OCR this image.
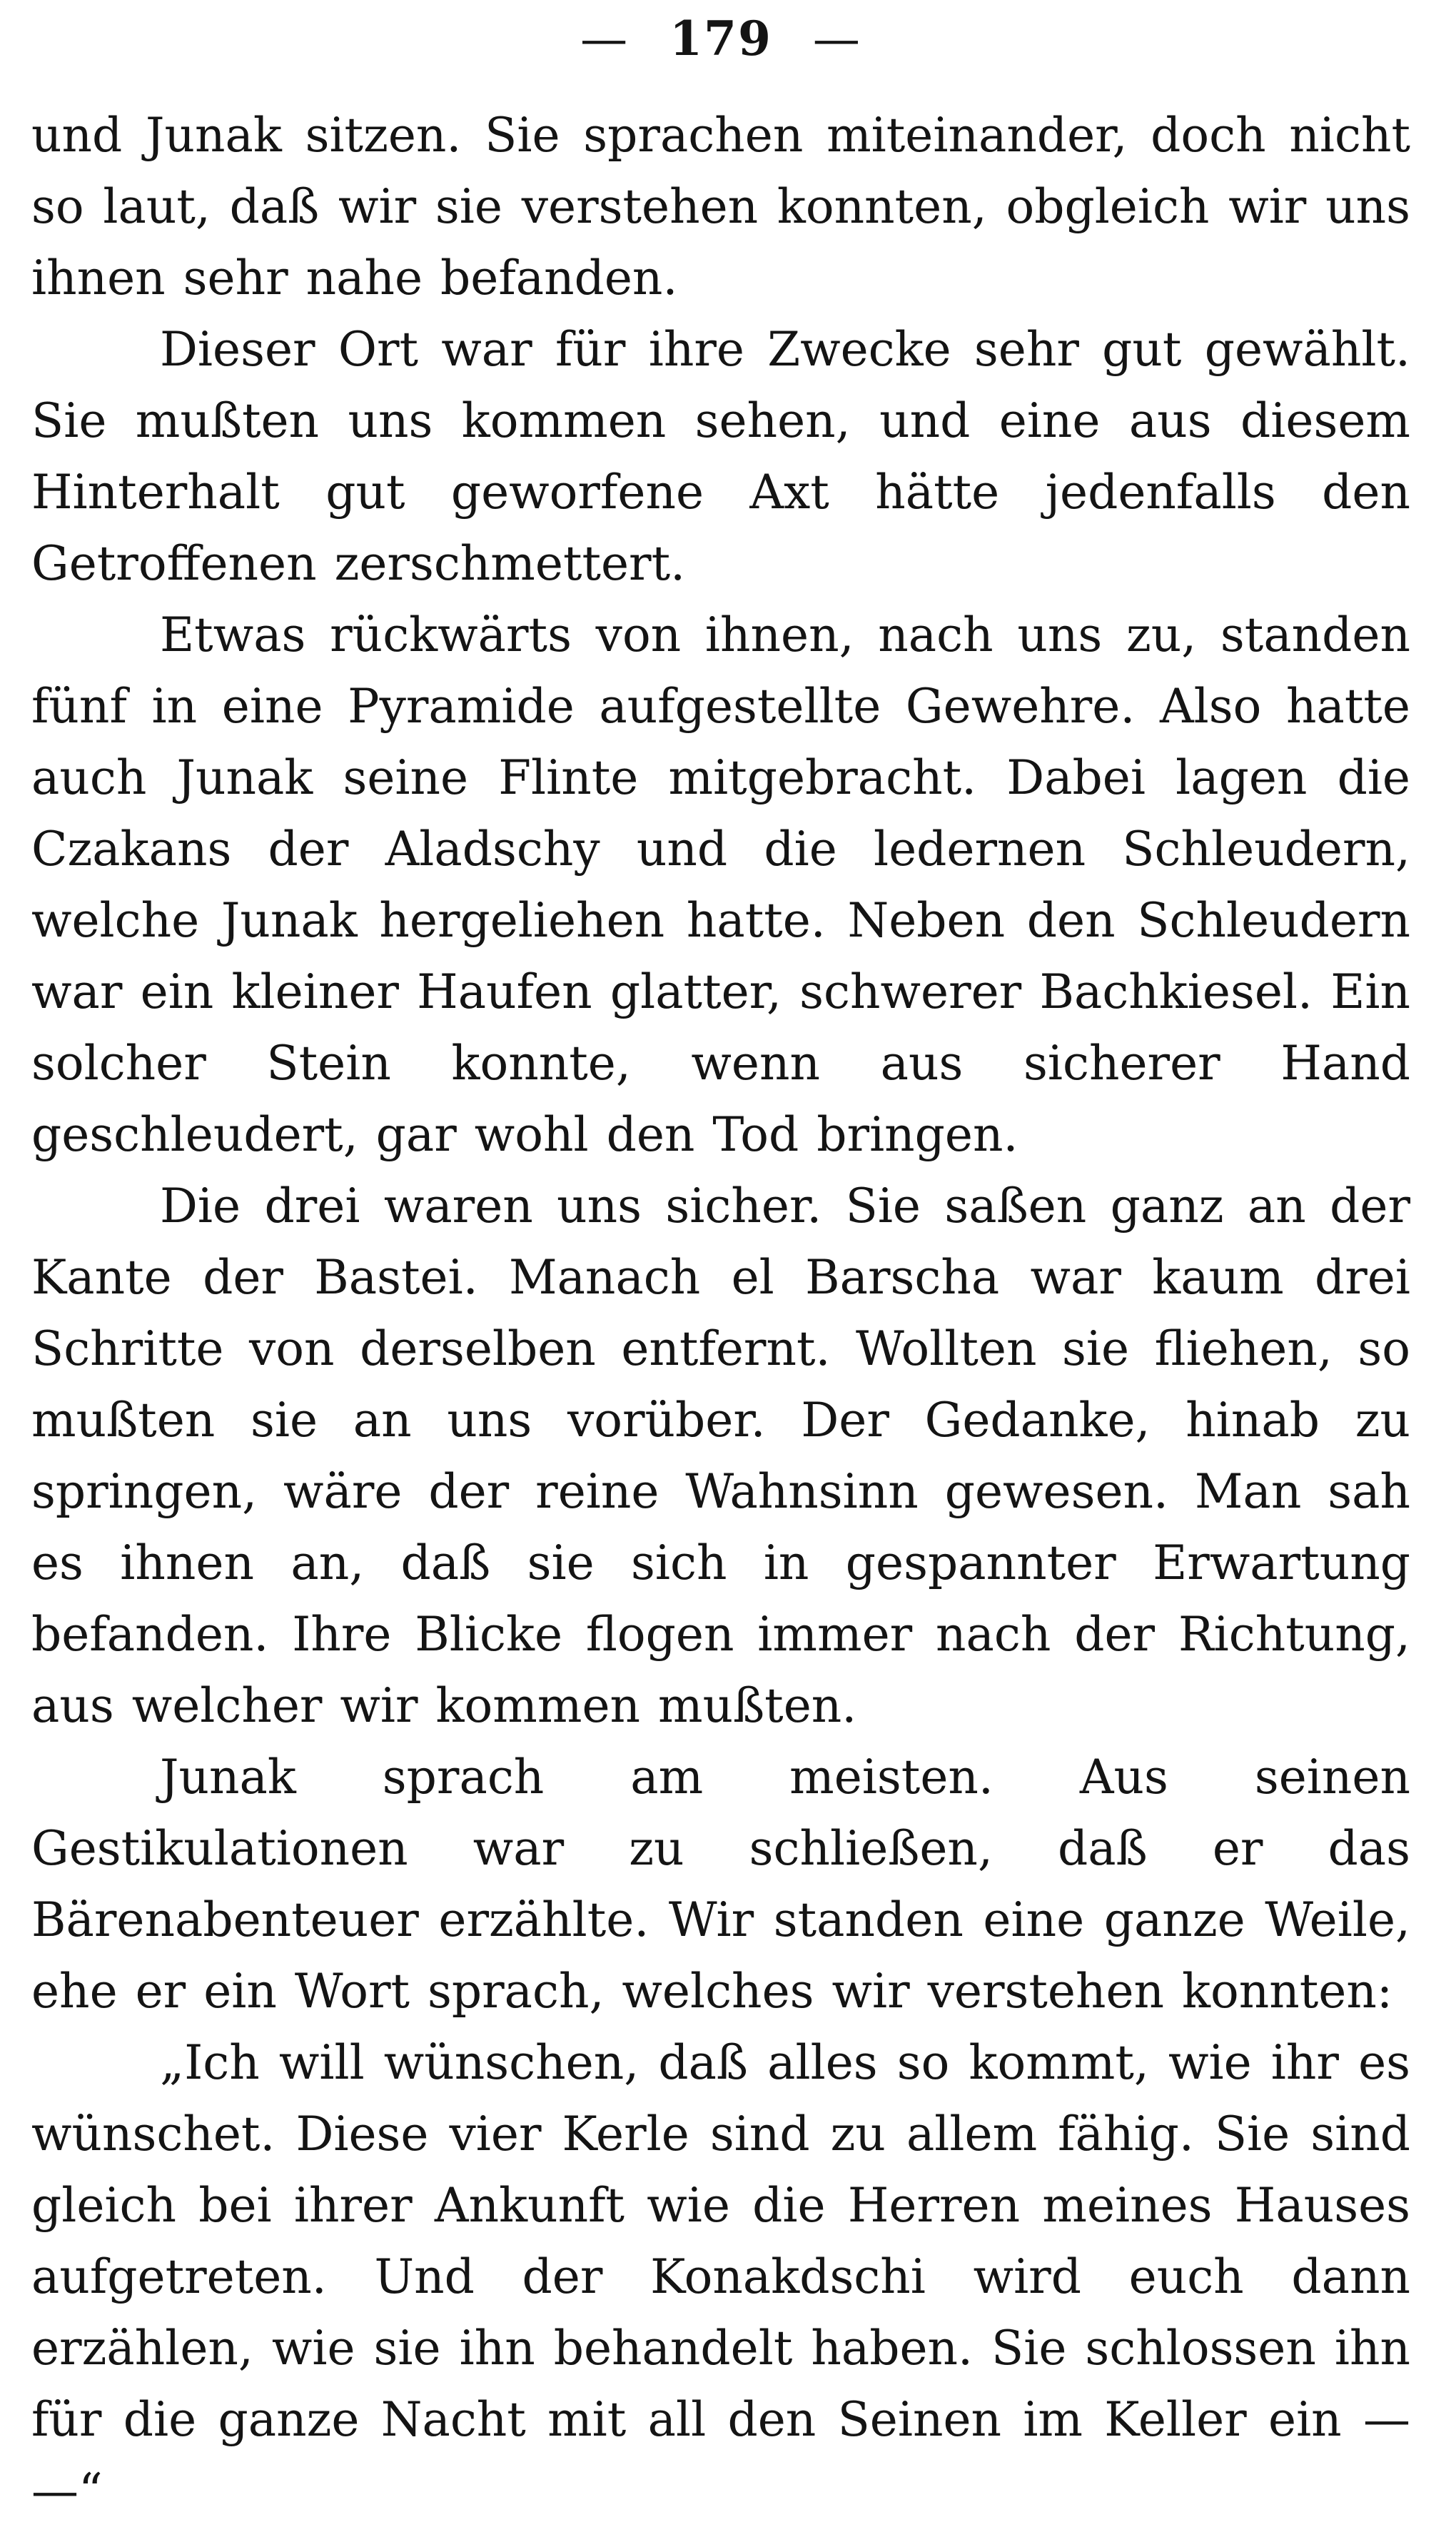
— 179 —

und Junak sitzen. Sie sprachen miteinander, doch nicht so laut, daß wir sie verstehen konnten, obgleich wir uns ihnen sehr nahe befanden.

Dieser Ort war für ihre Zwecke sehr gut gewählt. Sie mußten uns kommen sehen, und eine aus diesem Hinterhalt gut geworfene Axt hätte jedenfalls den Getroffenen zerschmettert.

Etwas rückwärts von ihnen, nach uns zu, standen fünf in eine Pyramide aufgestellte Gewehre. Also hatte auch Junak seine Flinte mitgebracht. Dabei lagen die Czakans der Aladschy und die ledernen Schleudern, welche Junak hergeliehen hatte. Neben den Schleudern war ein kleiner Haufen glatter, schwerer Bachkiesel. Ein solcher Stein konnte, wenn aus sicherer Hand geschleudert, gar wohl den Tod bringen.

Die drei waren uns sicher. Sie saßen ganz an der Kante der Bastei. Manach el Barscha war kaum drei Schritte von derselben entfernt. Wollten sie fliehen, so mußten sie an uns vorüber. Der Gedanke, hinab zu springen, wäre der reine Wahnsinn gewesen. Man sah es ihnen an, daß sie sich in gespannter Erwartung befanden. Ihre Blicke flogen immer nach der Richtung, aus welcher wir kommen mußten.

Junak sprach am meisten. Aus seinen Gestikulationen war zu schließen, daß er das Bärenabenteuer erzählte. Wir standen eine ganze Weile, ehe er ein Wort sprach, welches wir verstehen konnten:

„Ich will wünschen, daß alles so kommt, wie ihr es wünschet. Diese vier Kerle sind zu allem fähig. Sie sind gleich bei ihrer Ankunft wie die Herren meines Hauses aufgetreten. Und der Konakdschi wird euch dann erzählen, wie sie ihn behandelt haben. Sie schlossen ihn für die ganze Nacht mit all den Seinen im Keller ein — —“
